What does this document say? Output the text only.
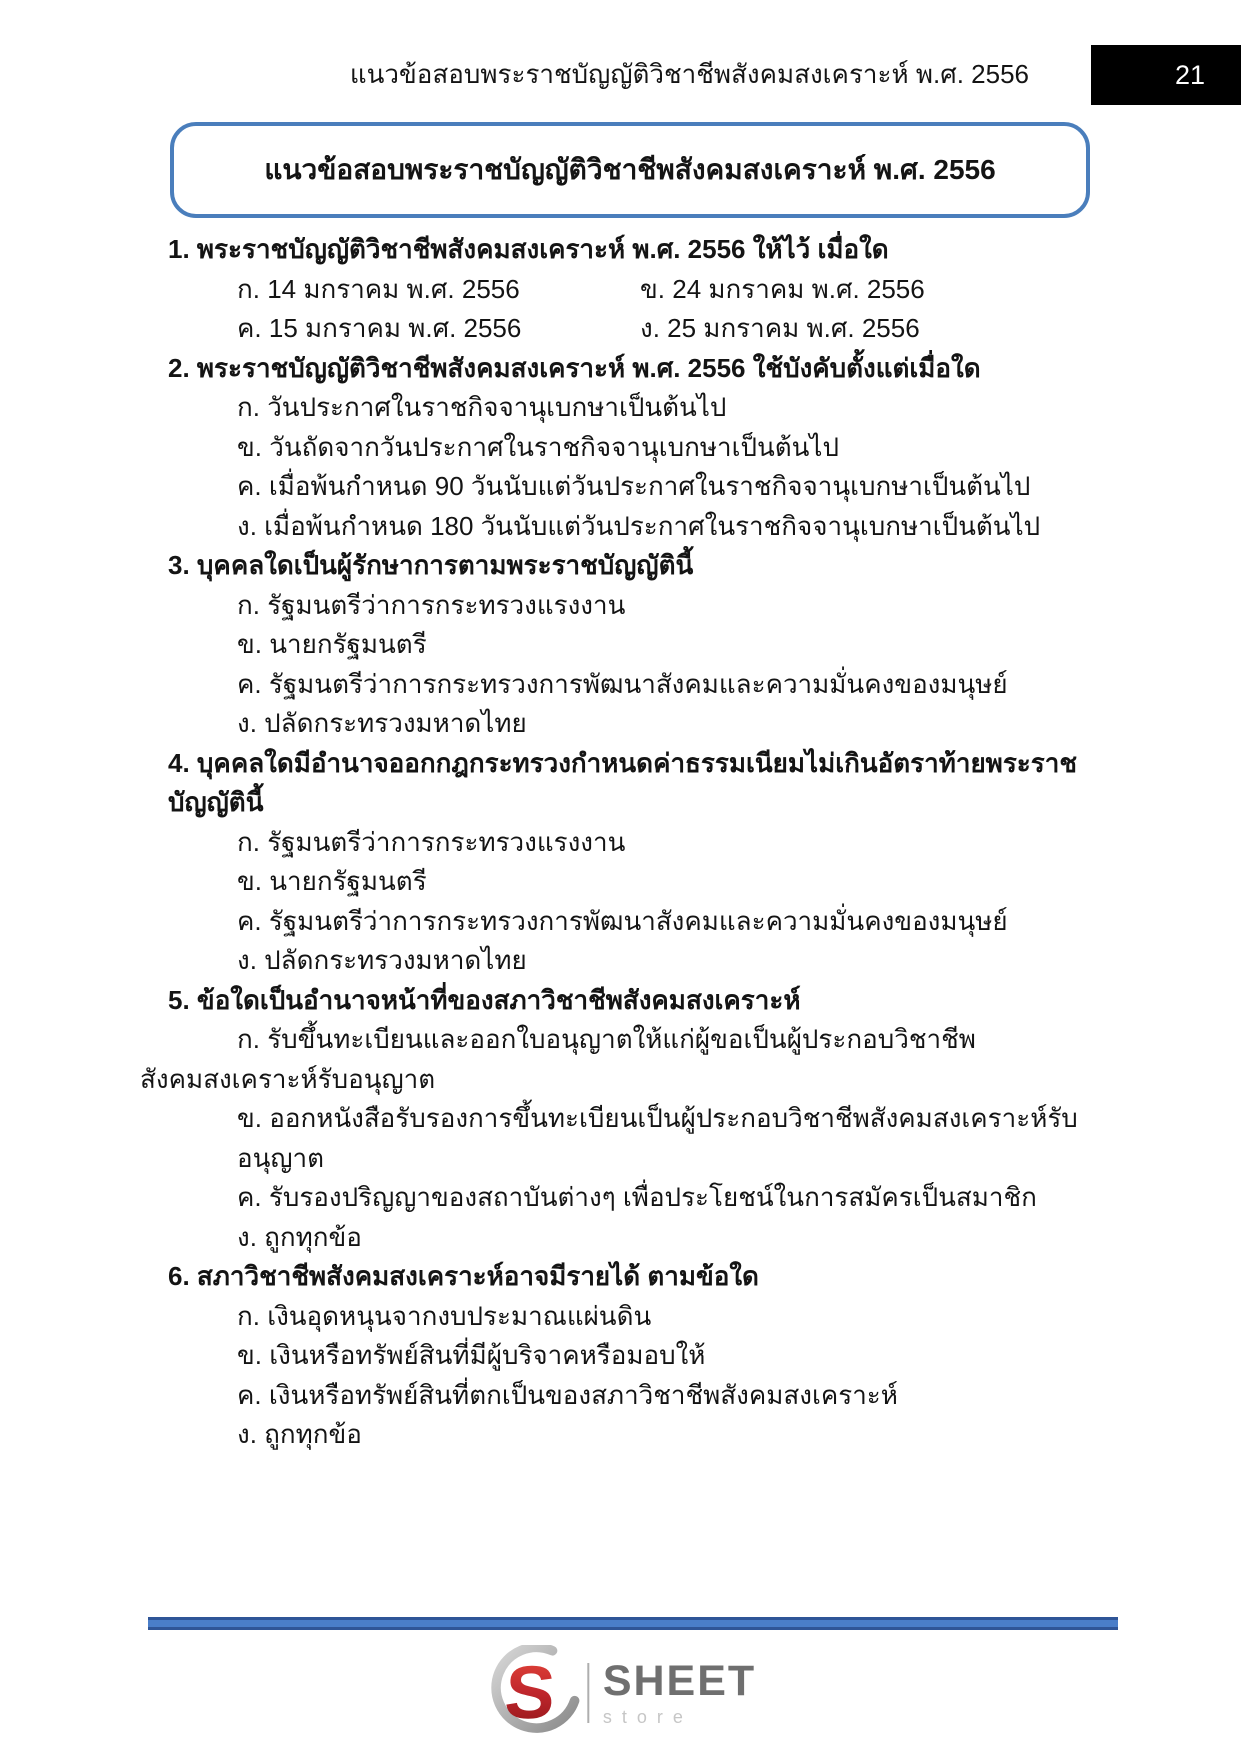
แนวข้อสอบพระราชบัญญัติวิชาชีพสังคมสงเคราะห์ พ.ศ. 2556	21
แนวข้อสอบพระราชบัญญัติวิชาชีพสังคมสงเคราะห์ พ.ศ. 2556
1. พระราชบัญญัติวิชาชีพสังคมสงเคราะห์ พ.ศ. 2556 ให้ไว้ เมื่อใด
ก. 14 มกราคม พ.ศ. 2556	ข. 24 มกราคม พ.ศ. 2556
ค. 15 มกราคม พ.ศ. 2556	ง. 25 มกราคม พ.ศ. 2556
2. พระราชบัญญัติวิชาชีพสังคมสงเคราะห์ พ.ศ. 2556 ใช้บังคับตั้งแต่เมื่อใด
ก. วันประกาศในราชกิจจานุเบกษาเป็นต้นไป
ข. วันถัดจากวันประกาศในราชกิจจานุเบกษาเป็นต้นไป
ค. เมื่อพ้นกำหนด 90 วันนับแต่วันประกาศในราชกิจจานุเบกษาเป็นต้นไป
ง. เมื่อพ้นกำหนด 180 วันนับแต่วันประกาศในราชกิจจานุเบกษาเป็นต้นไป
3. บุคคลใดเป็นผู้รักษาการตามพระราชบัญญัตินี้
ก. รัฐมนตรีว่าการกระทรวงแรงงาน
ข. นายกรัฐมนตรี
ค. รัฐมนตรีว่าการกระทรวงการพัฒนาสังคมและความมั่นคงของมนุษย์
ง. ปลัดกระทรวงมหาดไทย
4. บุคคลใดมีอำนาจออกกฎกระทรวงกำหนดค่าธรรมเนียมไม่เกินอัตราท้ายพระราชบัญญัตินี้
ก. รัฐมนตรีว่าการกระทรวงแรงงาน
ข. นายกรัฐมนตรี
ค. รัฐมนตรีว่าการกระทรวงการพัฒนาสังคมและความมั่นคงของมนุษย์
ง. ปลัดกระทรวงมหาดไทย
5. ข้อใดเป็นอำนาจหน้าที่ของสภาวิชาชีพสังคมสงเคราะห์
ก. รับขึ้นทะเบียนและออกใบอนุญาตให้แก่ผู้ขอเป็นผู้ประกอบวิชาชีพสังคมสงเคราะห์รับอนุญาต
ข. ออกหนังสือรับรองการขึ้นทะเบียนเป็นผู้ประกอบวิชาชีพสังคมสงเคราะห์รับอนุญาต
ค. รับรองปริญญาของสถาบันต่างๆ เพื่อประโยชน์ในการสมัครเป็นสมาชิก
ง. ถูกทุกข้อ
6. สภาวิชาชีพสังคมสงเคราะห์อาจมีรายได้ ตามข้อใด
ก. เงินอุดหนุนจากงบประมาณแผ่นดิน
ข. เงินหรือทรัพย์สินที่มีผู้บริจาคหรือมอบให้
ค. เงินหรือทรัพย์สินที่ตกเป็นของสภาวิชาชีพสังคมสงเคราะห์
ง. ถูกทุกข้อ
S SHEET
store
